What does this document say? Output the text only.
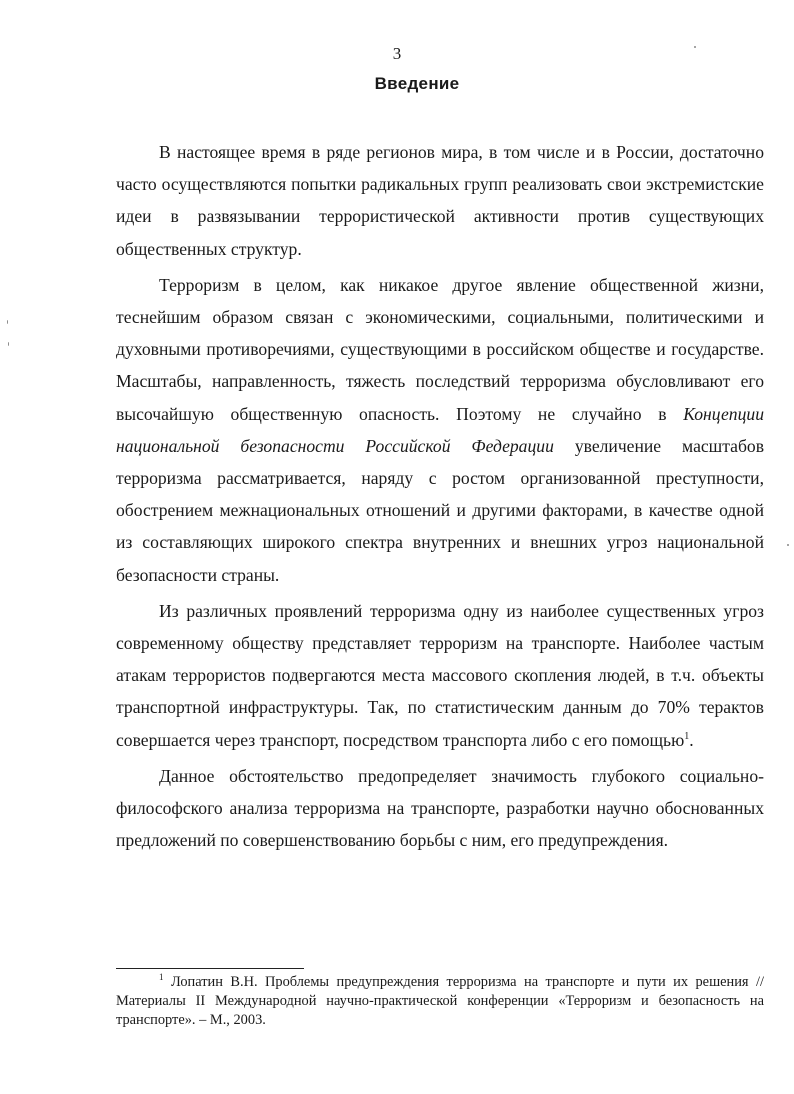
3
Введение

В настоящее время в ряде регионов мира, в том числе и в России, достаточно часто осуществляются попытки радикальных групп реализовать свои экстремистские идеи в развязывании террористической активности против существующих общественных структур.

Терроризм в целом, как никакое другое явление общественной жизни, теснейшим образом связан с экономическими, социальными, политическими и духовными противоречиями, существующими в российском обществе и государстве. Масштабы, направленность, тяжесть последствий терроризма обусловливают его высочайшую общественную опасность. Поэтому не случайно в Концепции национальной безопасности Российской Федерации увеличение масштабов терроризма рассматривается, наряду с ростом организованной преступности, обострением межнациональных отношений и другими факторами, в качестве одной из составляющих широкого спектра внутренних и внешних угроз национальной безопасности страны.

Из различных проявлений терроризма одну из наиболее существенных угроз современному обществу представляет терроризм на транспорте. Наиболее частым атакам террористов подвергаются места массового скопления людей, в т.ч. объекты транспортной инфраструктуры. Так, по статистическим данным до 70% терактов совершается через транспорт, посредством транспорта либо с его помощью$^1$.

Данное обстоятельство предопределяет значимость глубокого социально-философского анализа терроризма на транспорте, разработки научно обоснованных предложений по совершенствованию борьбы с ним, его предупреждения.

$^1$ Лопатин В.Н. Проблемы предупреждения терроризма на транспорте и пути их решения // Материалы II Международной научно-практической конференции «Терроризм и безопасность на транспорте». – М., 2003.
